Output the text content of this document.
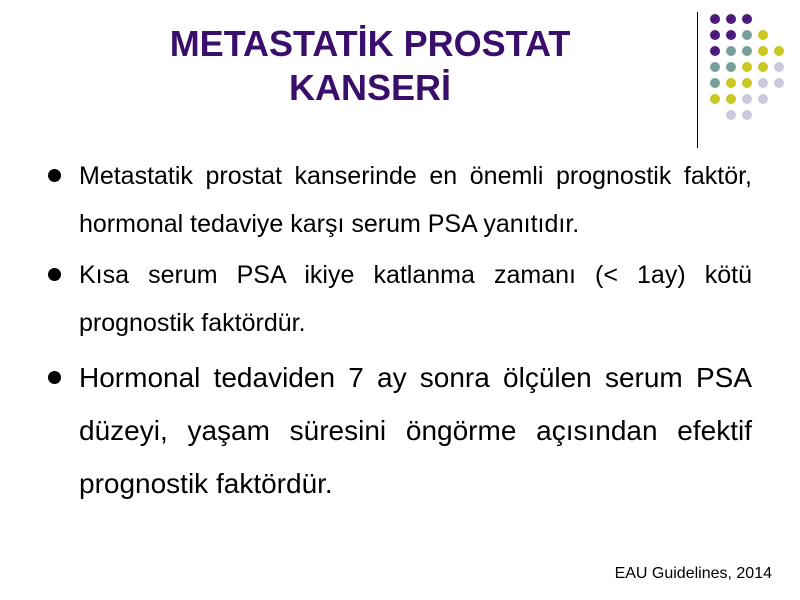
METASTATİK PROSTAT
KANSERİ
Metastatik prostat kanserinde en önemli prognostik faktör, hormonal tedaviye karşı serum PSA yanıtıdır.
Kısa serum PSA ikiye katlanma zamanı (< 1ay) kötü prognostik faktördür.
Hormonal tedaviden 7 ay sonra ölçülen serum PSA düzeyi, yaşam süresini öngörme açısından efektif prognostik faktördür.
EAU Guidelines, 2014
